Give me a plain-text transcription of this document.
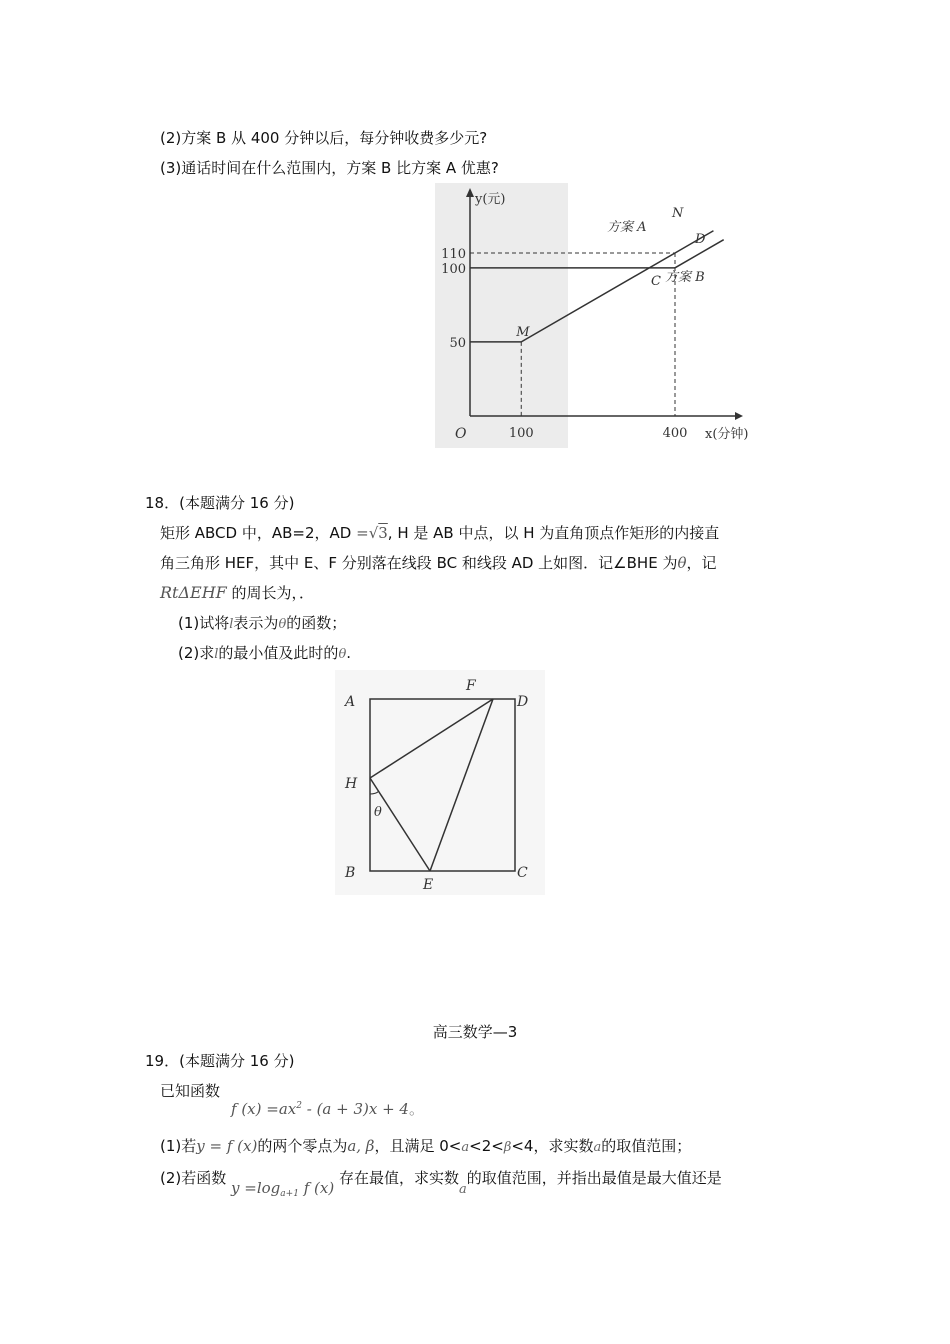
(2)方案 B 从 400 分钟以后，每分钟收费多少元?
(3)通话时间在什么范围内，方案 B 比方案 A 优惠?
y(元)
x(分钟)
O
50
100
110
100	400
方案 A
方案 B
N
D
M
C
18．(本题满分 16 分)
矩形 ABCD 中，AB=2，AD =√3, H 是 AB 中点，以 H 为直角顶点作矩形的内接直
角三角形 HEF，其中 E、F 分别落在线段 BC 和线段 AD 上如图．记∠BHE 为θ，记
RtΔEHF 的周长为，．
(1)试将l表示为θ的函数；
(2)求l的最小值及此时的θ.
A	D
F
H
θ
B	C
E
高三数学—3
19．(本题满分 16 分)
已知函数
f $(x) =ax^2 - (a + 3)x + 4$。
(1)若y = f (x)的两个零点为a, β，且满足 0<a<2<β<4，求实数a的取值范围；
(2)若函数 $y =\log_{a+1}$ f (x) 存在最值，求实数a的取值范围，并指出最值是最大值还是
